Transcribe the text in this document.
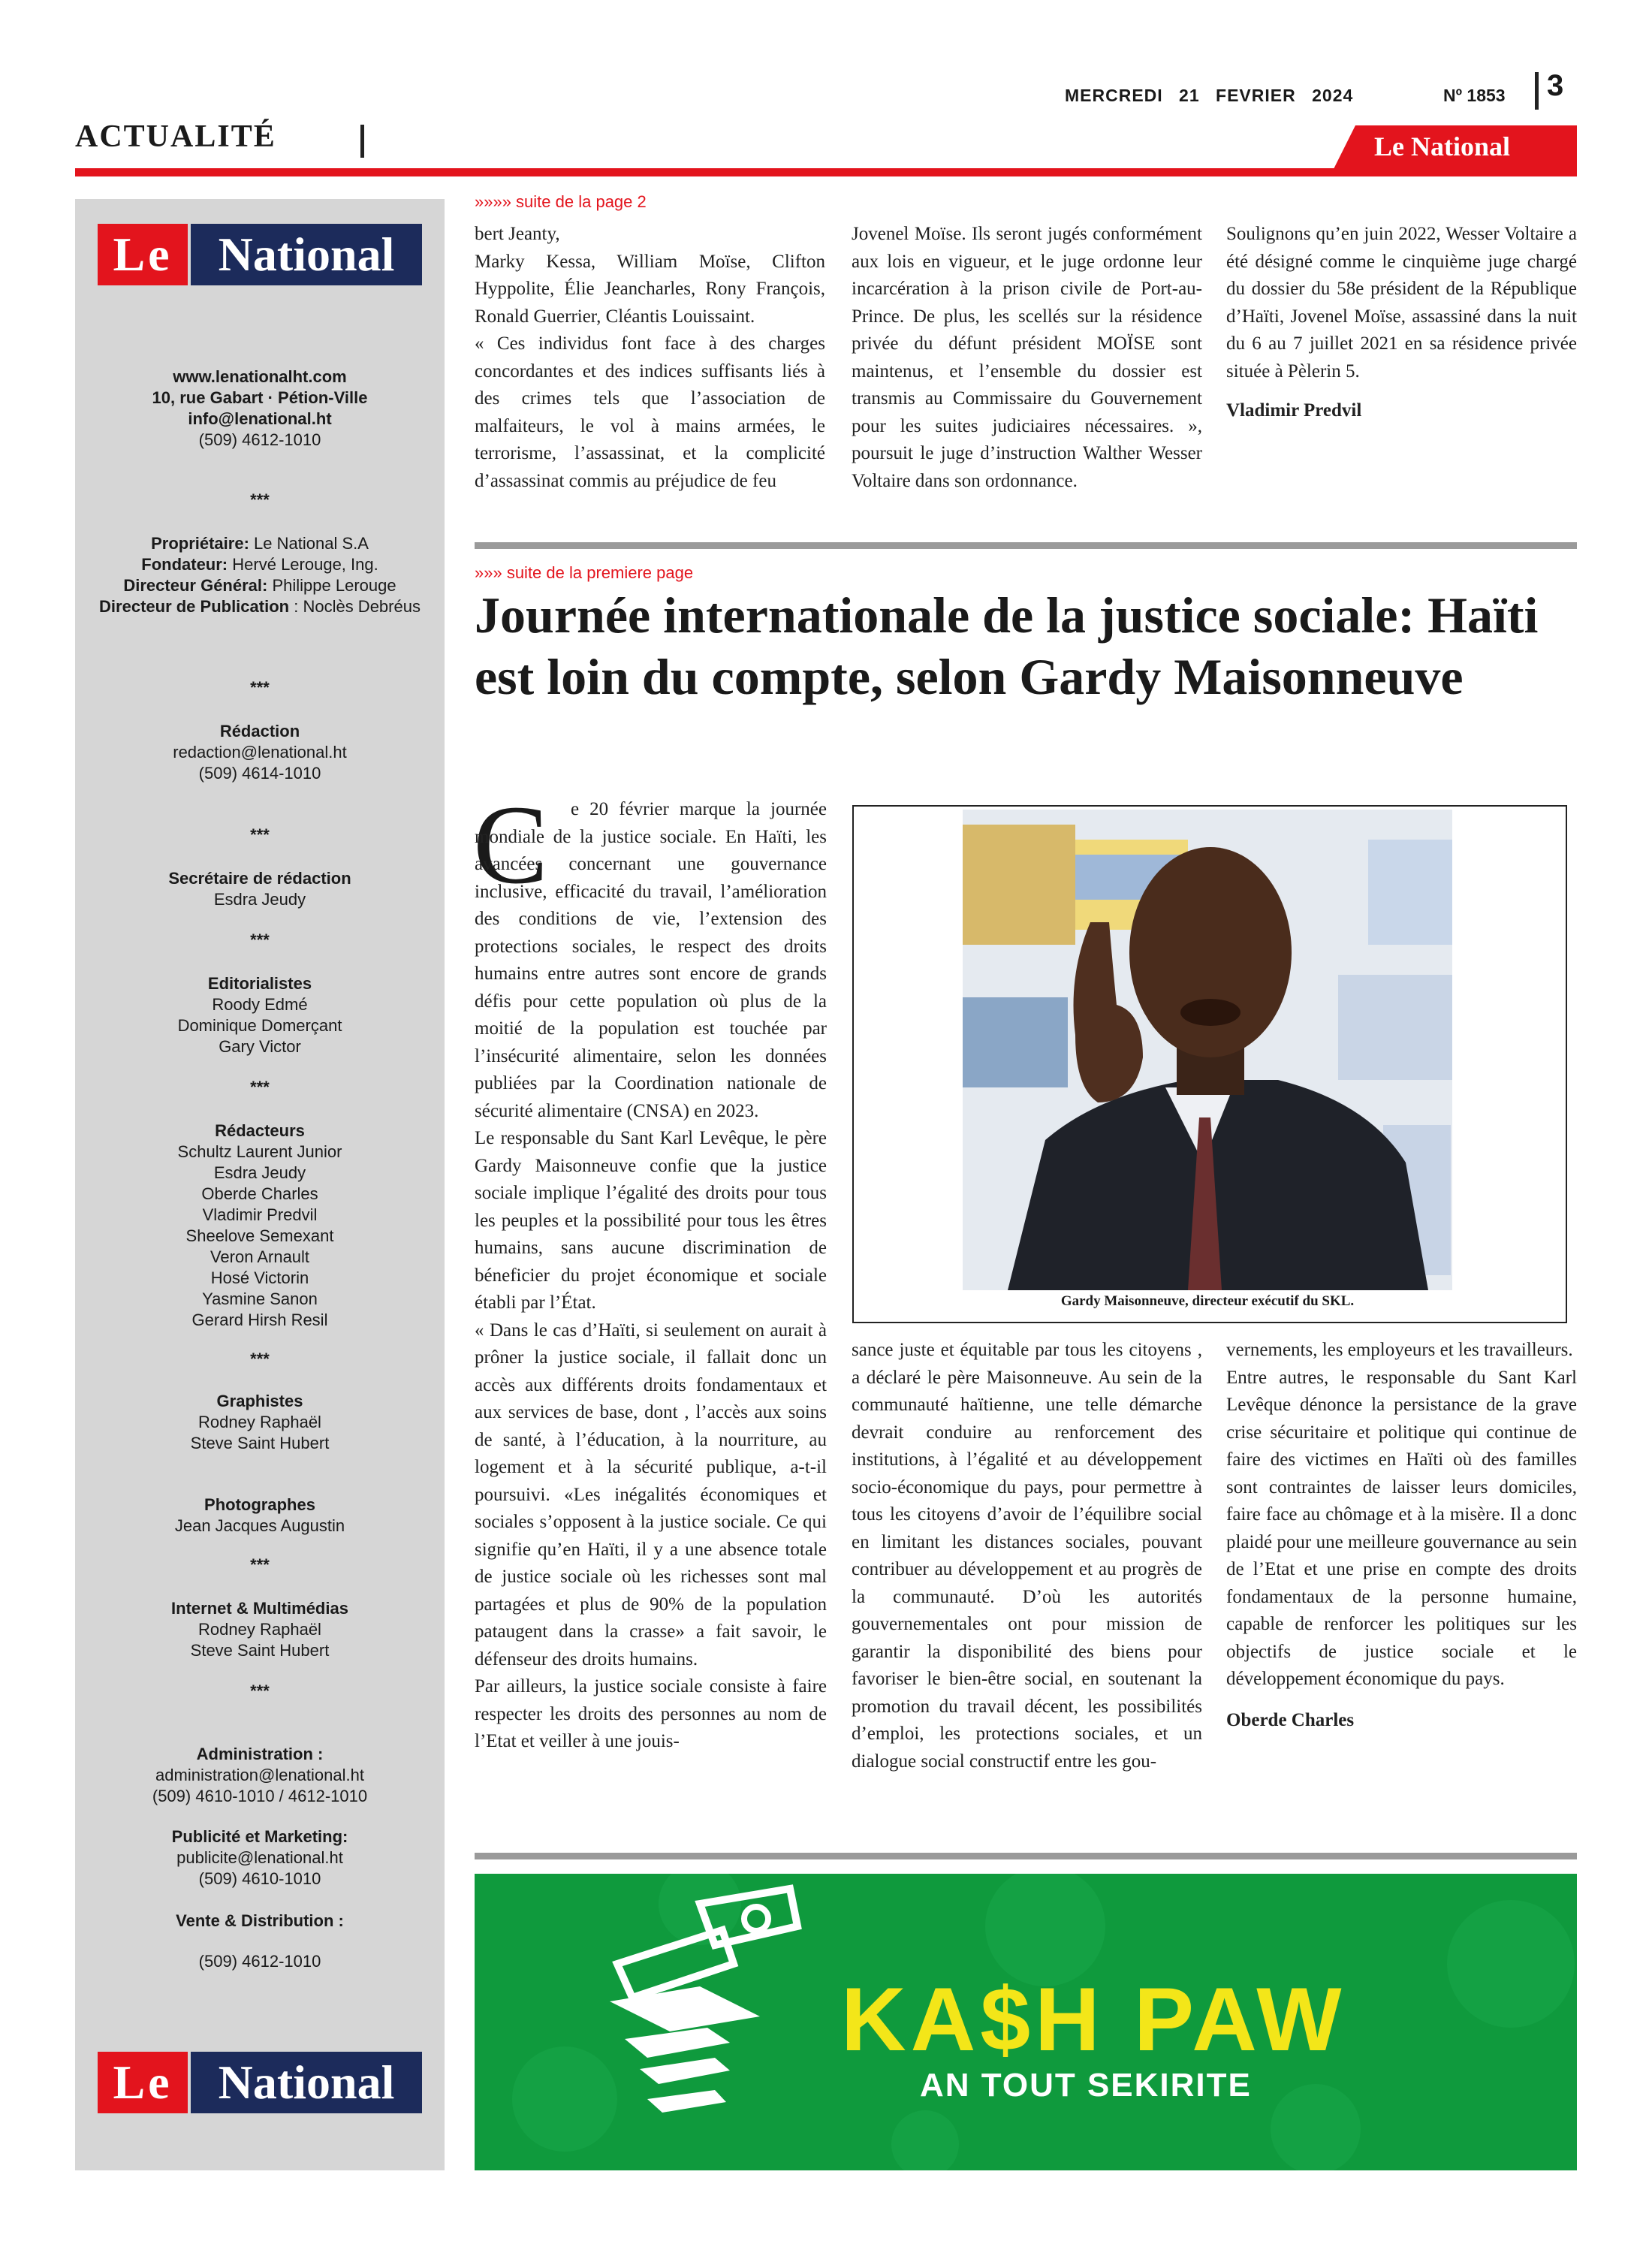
MERCREDI 21 FEVRIER 2024	Nº 1853 3
ACTUALITÉ	Le National
Le National
www.lenationalht.com
10, rue Gabart · Pétion-Ville
info@lenational.ht
(509) 4612-1010
***
Propriétaire: Le National S.A
Fondateur: Hervé Lerouge, Ing.
Directeur Général: Philippe Lerouge
Directeur de Publication : Noclès Debréus
***
Rédaction
redaction@lenational.ht
(509) 4614-1010
***
Secrétaire de rédaction
Esdra Jeudy
***
Editorialistes
Roody Edmé
Dominique Domerçant
Gary Victor
***
Rédacteurs
Schultz Laurent Junior
Esdra Jeudy
Oberde Charles
Vladimir Predvil
Sheelove Semexant
Veron Arnault
Hosé Victorin
Yasmine Sanon
Gerard Hirsh Resil
***
Graphistes
Rodney Raphaël
Steve Saint Hubert
Photographes
Jean Jacques Augustin
***
Internet & Multimédias
Rodney Raphaël
Steve Saint Hubert
***
Administration :
administration@lenational.ht
(509) 4610-1010 / 4612-1010
Publicité et Marketing:
publicite@lenational.ht
(509) 4610-1010
Vente & Distribution :
(509) 4612-1010
Le National
»»»» suite de la page 2

bert Jeanty,
Marky Kessa, William Moïse, Clifton Hyppolite, Élie Jeancharles, Rony François, Ronald Guerrier, Cléantis Louissaint.
« Ces individus font face à des charges concordantes et des indices suffisants liés à des crimes tels que l’association de malfaiteurs, le vol à mains armées, le terrorisme, l’assassinat, et la complicité d’assassinat commis au préjudice de feu

Jovenel Moïse. Ils seront jugés conformément aux lois en vigueur, et le juge ordonne leur incarcération à la prison civile de Port-au-Prince. De plus, les scellés sur la résidence privée du défunt président MOÏSE sont maintenus, et l’ensemble du dossier est transmis au Commissaire du Gouvernement pour les suites judiciaires nécessaires. », poursuit le juge d’instruction Walther Wesser Voltaire dans son ordonnance.

Soulignons qu’en juin 2022, Wesser Voltaire a été désigné comme le cinquième juge chargé du dossier du 58e président de la République d’Haïti, Jovenel Moïse, assassiné dans la nuit du 6 au 7 juillet 2021 en sa résidence privée située à Pèlerin 5.

Vladimir Predvil

»»» suite de la premiere page
Journée internationale de la justice sociale: Haïti est loin du compte, selon Gardy Maisonneuve
C	e 20 février marque la journée mondiale de la justice sociale. En Haïti, les avancées concernant une gouvernance inclusive, efficacité du travail, l’amélioration des conditions de vie, l’extension des protections sociales, le respect des droits humains entre autres sont encore de grands défis pour cette population où plus de la moitié de la population est touchée par l’insécurité alimentaire, selon les données publiées par la Coordination nationale de sécurité alimentaire (CNSA) en 2023.

Le responsable du Sant Karl Levêque, le père Gardy Maisonneuve confie que la justice sociale implique l’égalité des droits pour tous les peuples et la possibilité pour tous les êtres humains, sans aucune discrimination de béneficier du projet économique et sociale établi par l’État.

« Dans le cas d’Haïti, si seulement on aurait à prôner la justice sociale, il fallait donc un accès aux différents droits fondamentaux et aux services de base, dont , l’accès aux soins de santé, à l’éducation, à la nourriture, au logement et à la sécurité publique, a-t-il poursuivi. «Les inégalités économiques et sociales s’opposent à la justice sociale. Ce qui signifie qu’en Haïti, il y a une absence totale de justice sociale où les richesses sont mal partagées et plus de 90% de la population pataugent dans la crasse» a fait savoir, le défenseur des droits humains.

Par ailleurs, la justice sociale consiste à faire respecter les droits des personnes au nom de l’Etat et veiller à une jouis-

Gardy Maisonneuve, directeur exécutif du SKL.

sance juste et équitable par tous les citoyens , a déclaré le père Maisonneuve. Au sein de la communauté haïtienne, une telle démarche devrait conduire au renforcement des institutions, à l’égalité et au développement socio-économique du pays, pour permettre à tous les citoyens d’avoir de l’équilibre social en limitant les distances sociales, pouvant contribuer au développement et au progrès de la communauté. D’où les autorités gouvernementales ont pour mission de garantir la disponibilité des biens pour favoriser le bien-être social, en soutenant la promotion du travail décent, les possibilités d’emploi, les protections sociales, et un dialogue social constructif entre les gou-

vernements, les employeurs et les travailleurs.

Entre autres, le responsable du Sant Karl Levêque dénonce la persistance de la grave crise sécuritaire et politique qui continue de faire des victimes en Haïti où des familles sont contraintes de laisser leurs domiciles, faire face au chômage et à la misère. Il a donc plaidé pour une meilleure gouvernance au sein de l’Etat et une prise en compte des droits fondamentaux de la personne humaine, capable de renforcer les politiques sur les objectifs de justice sociale et le développement économique du pays.

Oberde Charles

KA$H PAW
AN TOUT SEKIRITE
